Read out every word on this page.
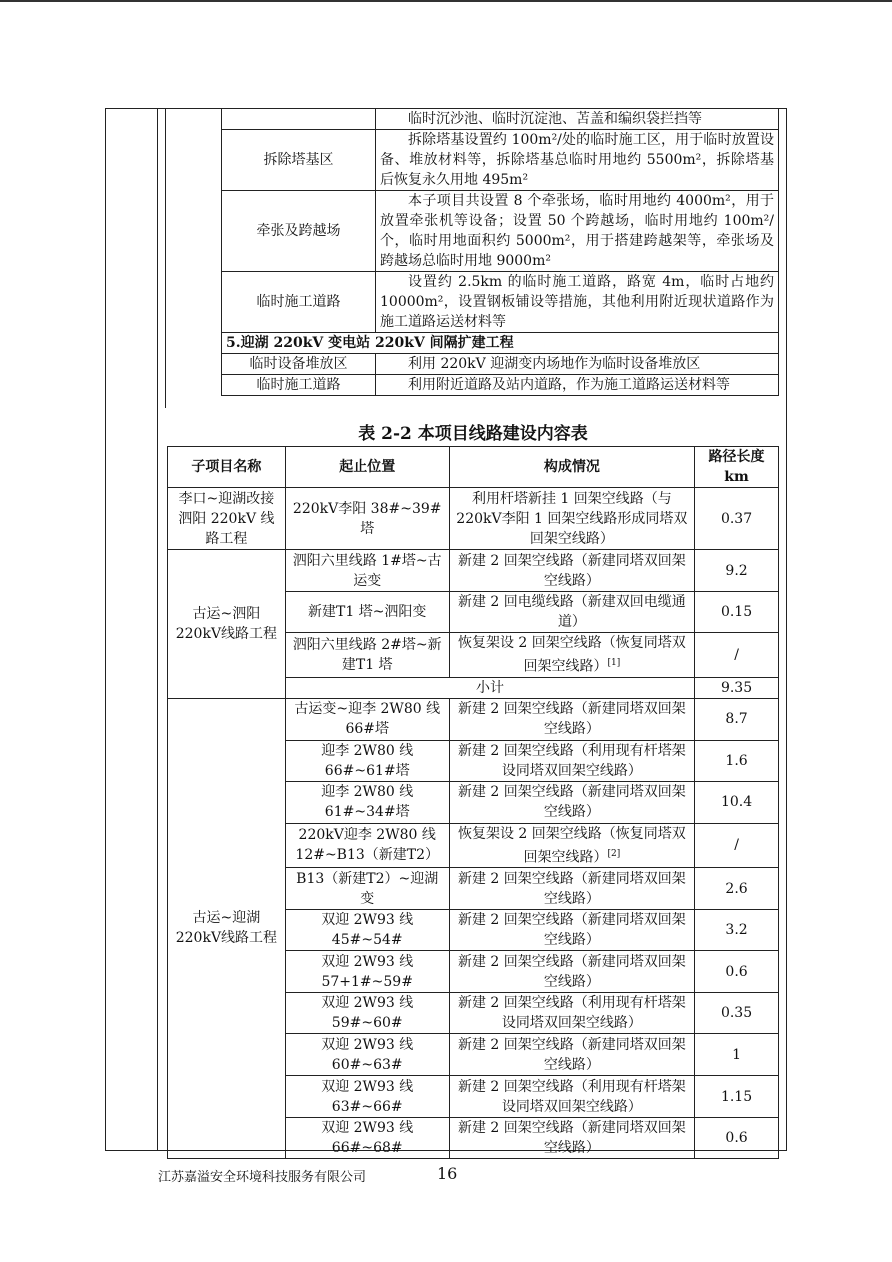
	临时沉沙池、临时沉淀池、苫盖和编织袋拦挡等
拆除塔基区	拆除塔基设置约 100m²/处的临时施工区，用于临时放置设备、堆放材料等，拆除塔基总临时用地约 5500m²，拆除塔基后恢复永久用地 495m²
牵张及跨越场	本子项目共设置 8 个牵张场，临时用地约 4000m²，用于放置牵张机等设备；设置 50 个跨越场，临时用地约 100m²/个，临时用地面积约 5000m²，用于搭建跨越架等，牵张场及跨越场总临时用地 9000m²
临时施工道路	设置约 2.5km 的临时施工道路，路宽 4m，临时占地约 10000m²，设置钢板铺设等措施，其他利用附近现状道路作为施工道路运送材料等
5.迎湖 220kV 变电站 220kV 间隔扩建工程	
临时设备堆放区	利用 220kV 迎湖变内场地作为临时设备堆放区
临时施工道路	利用附近道路及站内道路，作为施工道路运送材料等
表 2-2 本项目线路建设内容表
子项目名称	起止位置	构成情况	路径长度km
李口~迎湖改接泗阳 220kV 线路工程	220kV李阳 38#~39#塔	利用杆塔新挂 1 回架空线路（与 220kV李阳 1 回架空线路形成同塔双回架空线路）	0.37
古运~泗阳 220kV线路工程	泗阳六里线路 1#塔~古运变	新建 2 回架空线路（新建同塔双回架空线路）	9.2
	新建T1 塔~泗阳变	新建 2 回电缆线路（新建双回电缆通道）	0.15
	泗阳六里线路 2#塔~新建T1 塔	恢复架设 2 回架空线路（恢复同塔双回架空线路）[1]	/
	小计		9.35
古运~迎湖 220kV线路工程	古运变~迎李 2W80 线 66#塔	新建 2 回架空线路（新建同塔双回架空线路）	8.7
	迎李 2W80 线 66#~61#塔	新建 2 回架空线路（利用现有杆塔架设同塔双回架空线路）	1.6
	迎李 2W80 线 61#~34#塔	新建 2 回架空线路（新建同塔双回架空线路）	10.4
	220kV迎李 2W80 线 12#~B13（新建T2）	恢复架设 2 回架空线路（恢复同塔双回架空线路）[2]	/
	B13（新建T2）~迎湖变	新建 2 回架空线路（新建同塔双回架空线路）	2.6
	双迎 2W93 线 45#~54#	新建 2 回架空线路（新建同塔双回架空线路）	3.2
	双迎 2W93 线 57+1#~59#	新建 2 回架空线路（新建同塔双回架空线路）	0.6
	双迎 2W93 线 59#~60#	新建 2 回架空线路（利用现有杆塔架设同塔双回架空线路）	0.35
	双迎 2W93 线 60#~63#	新建 2 回架空线路（新建同塔双回架空线路）	1
	双迎 2W93 线 63#~66#	新建 2 回架空线路（利用现有杆塔架设同塔双回架空线路）	1.15
	双迎 2W93 线 66#~68#	新建 2 回架空线路（新建同塔双回架空线路）	0.6
江苏嘉溢安全环境科技服务有限公司	16
